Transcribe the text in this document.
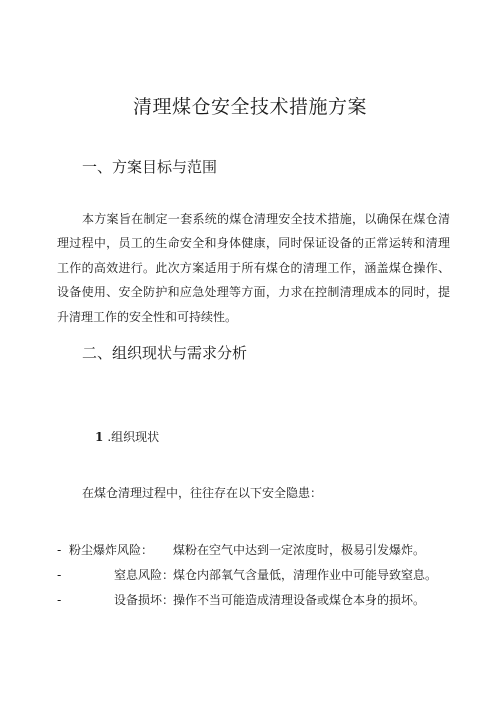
清理煤仓安全技术措施方案
一、方案目标与范围

本方案旨在制定一套系统的煤仓清理安全技术措施，以确保在煤仓清理过程中，员工的生命安全和身体健康，同时保证设备的正常运转和清理工作的高效进行。此次方案适用于所有煤仓的清理工作，涵盖煤仓操作、设备使用、安全防护和应急处理等方面，力求在控制清理成本的同时，提升清理工作的安全性和可持续性。

二、组织现状与需求分析
1 .组织现状
在煤仓清理过程中，往往存在以下安全隐患：
- 粉尘爆炸风险： 煤粉在空气中达到一定浓度时，极易引发爆炸。
-	窒息风险：
煤仓内部氧气含量低，清理作业中可能导致窒息。
-	设备损坏：
操作不当可能造成清理设备或煤仓本身的损坏。
